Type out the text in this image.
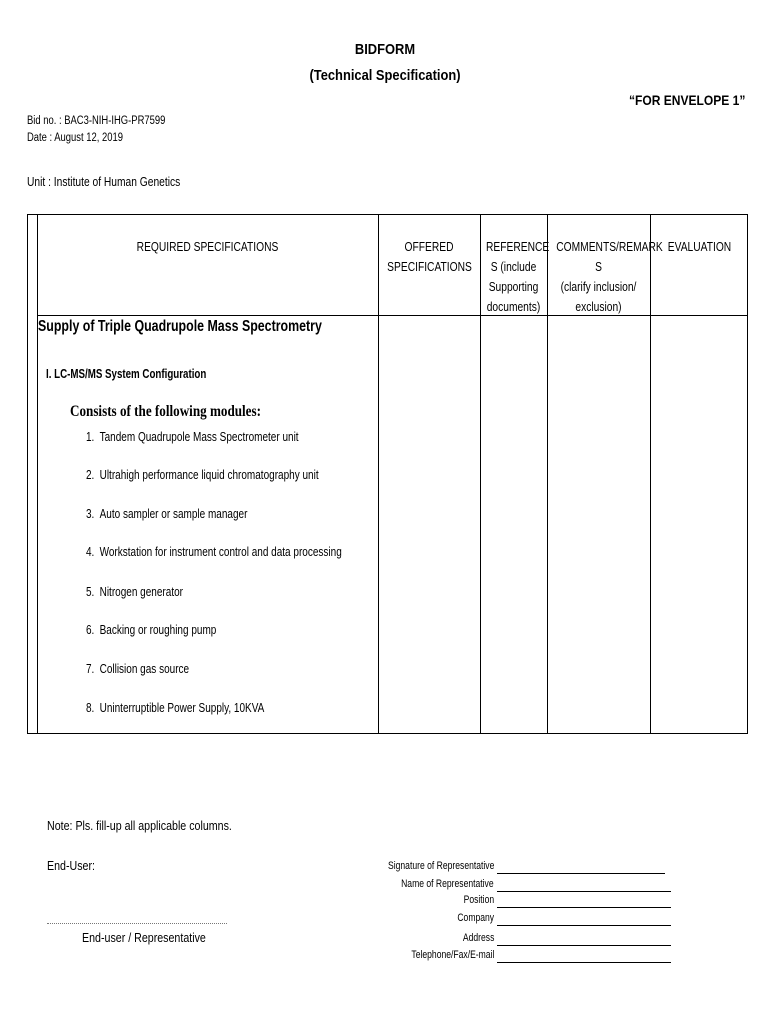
BIDFORM
(Technical Specification)
“FOR ENVELOPE 1”
Bid no. : BAC3-NIH-IHG-PR7599
Date : August 12, 2019
Unit : Institute of Human Genetics
REQUIRED SPECIFICATIONS	OFFERED
SPECIFICATIONS
REFERENCE
S (include
Supporting
documents)
COMMENTS/REMARK
S
(clarify inclusion/
exclusion)
EVALUATION
Supply of Triple Quadrupole Mass Spectrometry
I. LC-MS/MS System Configuration
Consists of the following modules:
1. Tandem Quadrupole Mass Spectrometer unit
2. Ultrahigh performance liquid chromatography unit
3. Auto sampler or sample manager
4. Workstation for instrument control and data processing
5. Nitrogen generator
6. Backing or roughing pump
7. Collision gas source
8. Uninterruptible Power Supply, 10KVA
Note: Pls. fill-up all applicable columns.
End-User:
End-user / Representative
Signature of Representative
Name of Representative
Position
Company
Address
Telephone/Fax/E-mail
